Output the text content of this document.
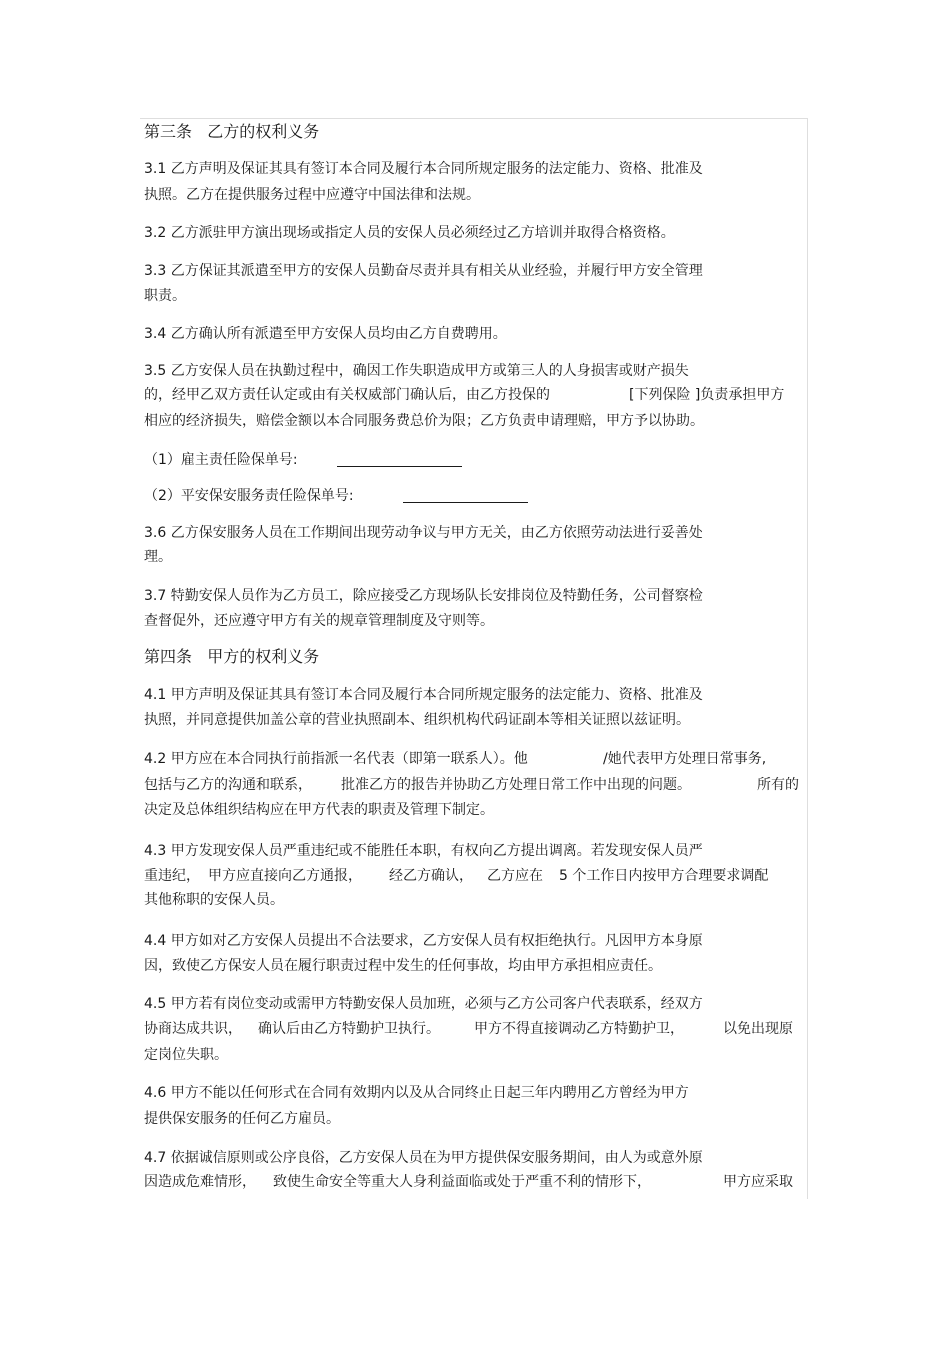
第三条   乙方的权利义务
3.1 乙方声明及保证其具有签订本合同及履行本合同所规定服务的法定能力、资格、批准及
执照。乙方在提供服务过程中应遵守中国法律和法规。
3.2 乙方派驻甲方演出现场或指定人员的安保人员必须经过乙方培训并取得合格资格。
3.3 乙方保证其派遣至甲方的安保人员勤奋尽责并具有相关从业经验，并履行甲方安全管理
职责。
3.4 乙方确认所有派遣至甲方安保人员均由乙方自费聘用。
3.5 乙方安保人员在执勤过程中，确因工作失职造成甲方或第三人的人身损害或财产损失
的，经甲乙双方责任认定或由有关权威部门确认后，由乙方投保的	[下列保险 ]负责承担甲方
相应的经济损失，赔偿金额以本合同服务费总价为限；乙方负责申请理赔，甲方予以协助。
（1）雇主责任险保单号:
（2）平安保安服务责任险保单号:
3.6 乙方保安服务人员在工作期间出现劳动争议与甲方无关，由乙方依照劳动法进行妥善处
理。
3.7 特勤安保人员作为乙方员工，除应接受乙方现场队长安排岗位及特勤任务，公司督察检
查督促外，还应遵守甲方有关的规章管理制度及守则等。
第四条   甲方的权利义务
4.1 甲方声明及保证其具有签订本合同及履行本合同所规定服务的法定能力、资格、批准及
执照，并同意提供加盖公章的营业执照副本、组织机构代码证副本等相关证照以兹证明。
4.2 甲方应在本合同执行前指派一名代表（即第一联系人）。他	/她代表甲方处理日常事务,
包括与乙方的沟通和联系， 批准乙方的报告并协助乙方处理日常工作中出现的问题。	所有的
决定及总体组织结构应在甲方代表的职责及管理下制定。
4.3 甲方发现安保人员严重违纪或不能胜任本职，有权向乙方提出调离。若发现安保人员严
重违纪， 甲方应直接向乙方通报， 经乙方确认， 乙方应在 5 个工作日内按甲方合理要求调配
其他称职的安保人员。
4.4 甲方如对乙方安保人员提出不合法要求，乙方安保人员有权拒绝执行。凡因甲方本身原
因，致使乙方保安人员在履行职责过程中发生的任何事故，均由甲方承担相应责任。
4.5 甲方若有岗位变动或需甲方特勤安保人员加班，必须与乙方公司客户代表联系，经双方
协商达成共识， 确认后由乙方特勤护卫执行。 甲方不得直接调动乙方特勤护卫，	以免出现原
定岗位失职。
4.6 甲方不能以任何形式在合同有效期内以及从合同终止日起三年内聘用乙方曾经为甲方
提供保安服务的任何乙方雇员。
4.7 依据诚信原则或公序良俗，乙方安保人员在为甲方提供保安服务期间，由人为或意外原
因造成危难情形， 致使生命安全等重大人身利益面临或处于严重不利的情形下，	甲方应采取
